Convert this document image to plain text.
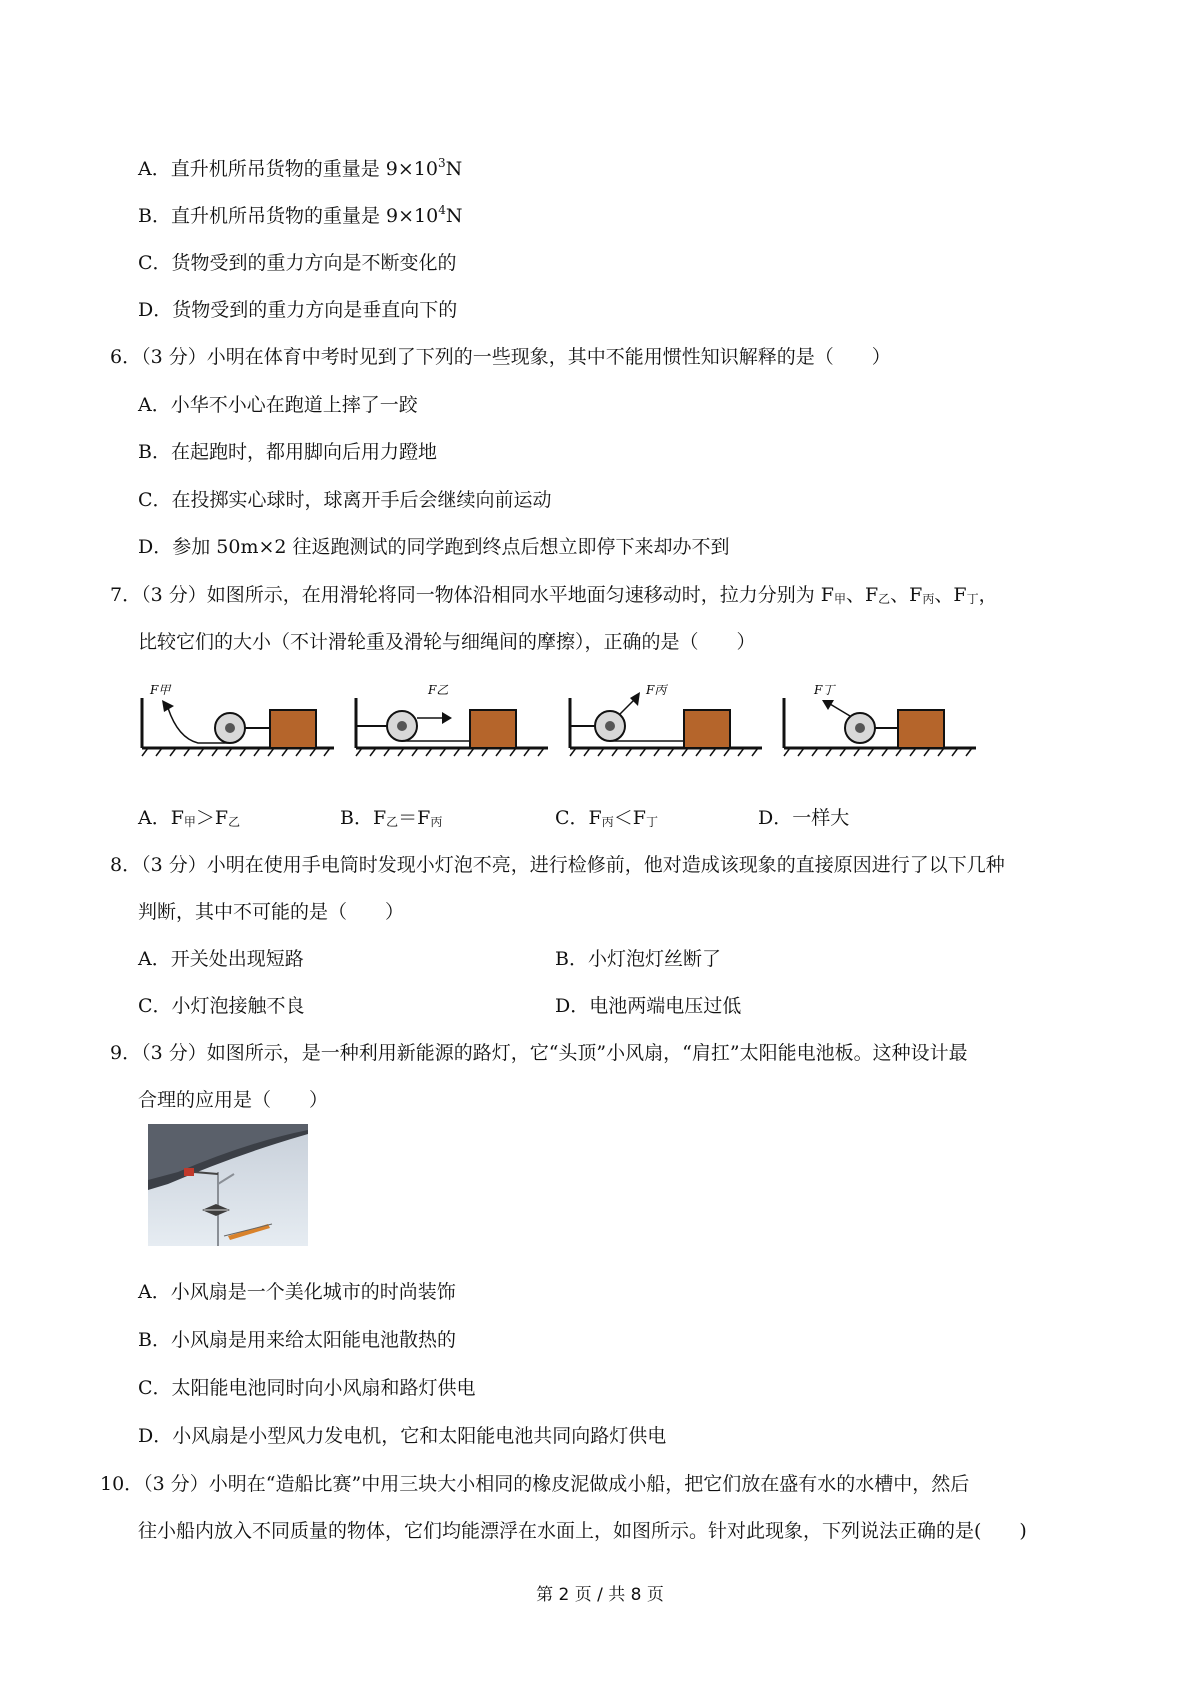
A．直升机所吊货物的重量是 $9\times 10^3N$
B．直升机所吊货物的重量是 $9\times 10^4N$
C．货物受到的重力方向是不断变化的
D．货物受到的重力方向是垂直向下的
6．（3 分）小明在体育中考时见到了下列的一些现象，其中不能用惯性知识解释的是（　　）
A．小华不小心在跑道上摔了一跤
B．在起跑时，都用脚向后用力蹬地
C．在投掷实心球时，球离开手后会继续向前运动
D．参加 50m×2 往返跑测试的同学跑到终点后想立即停下来却办不到
7．（3 分）如图所示，在用滑轮将同一物体沿相同水平地面匀速移动时，拉力分别为 F甲、F乙、F丙、F丁，
比较它们的大小（不计滑轮重及滑轮与细绳间的摩擦），正确的是（　　）
F甲	F乙	F丙	F丁
A．F甲＞F乙	B．F乙＝F丙	C．F丙＜F丁	D．一样大
8．（3 分）小明在使用手电筒时发现小灯泡不亮，进行检修前，他对造成该现象的直接原因进行了以下几种
判断，其中不可能的是（　　）
A．开关处出现短路	B．小灯泡灯丝断了
C．小灯泡接触不良	D．电池两端电压过低
9．（3 分）如图所示，是一种利用新能源的路灯，它“头顶”小风扇，“肩扛”太阳能电池板。这种设计最
合理的应用是（　　）
A．小风扇是一个美化城市的时尚装饰
B．小风扇是用来给太阳能电池散热的
C．太阳能电池同时向小风扇和路灯供电
D．小风扇是小型风力发电机，它和太阳能电池共同向路灯供电
10．（3 分）小明在“造船比赛”中用三块大小相同的橡皮泥做成小船，把它们放在盛有水的水槽中，然后
往小船内放入不同质量的物体，它们均能漂浮在水面上，如图所示。针对此现象，下列说法正确的是(　　)
第 2 页 / 共 8 页
